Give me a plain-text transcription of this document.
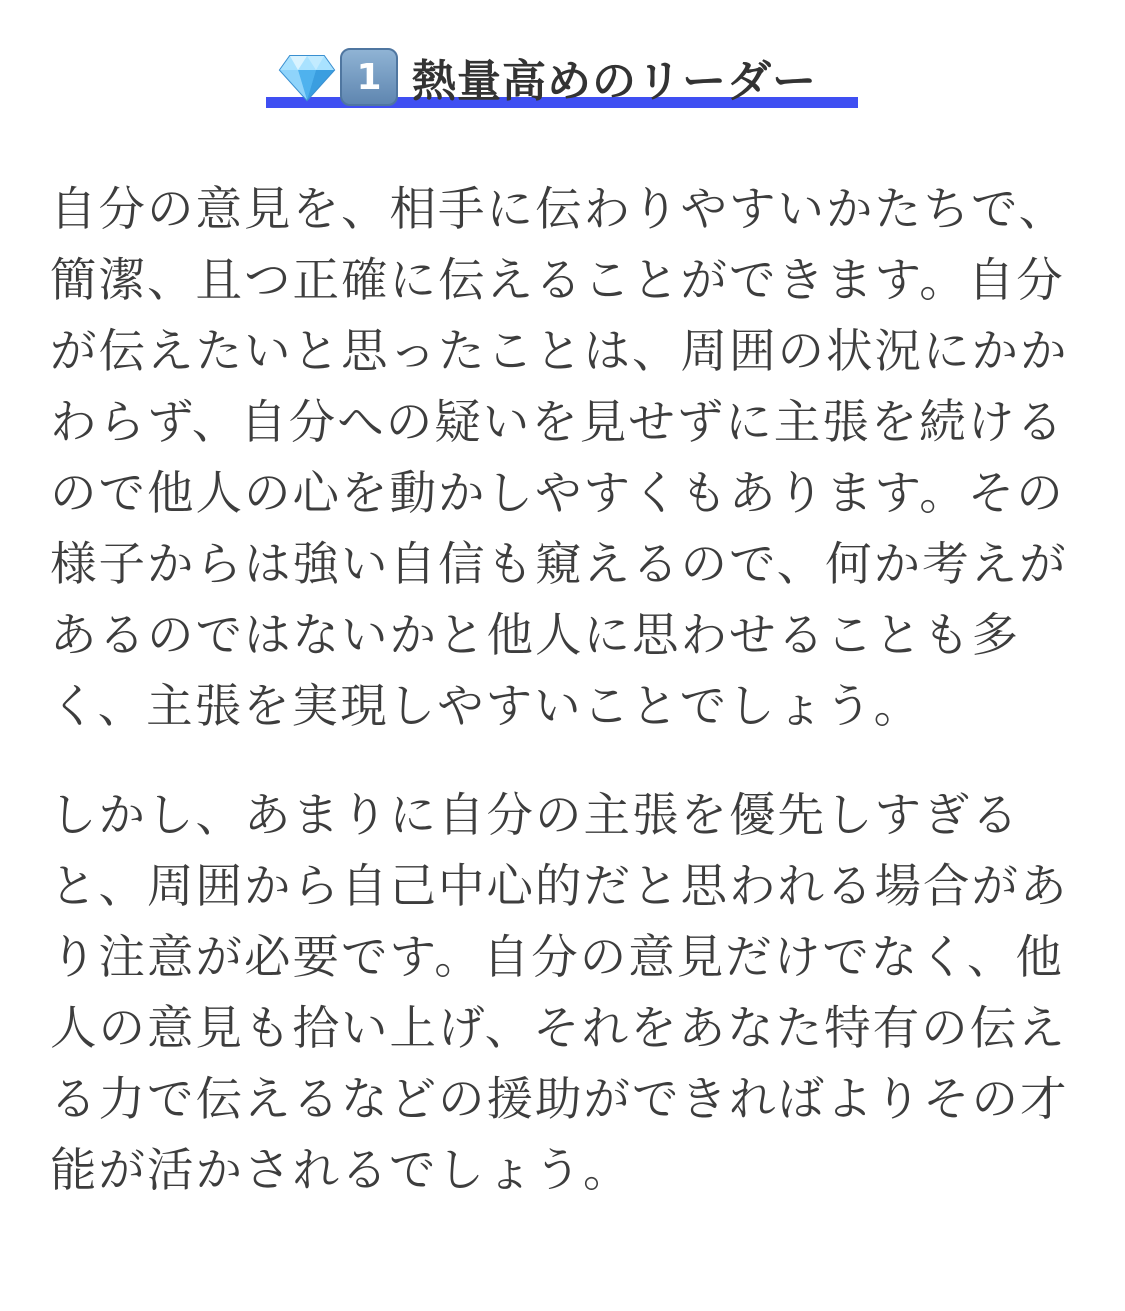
1 熱量高めのリーダー

自分の意見を、相手に伝わりやすいかたちで、
簡潔、且つ正確に伝えることができます。自分
が伝えたいと思ったことは、周囲の状況にかか
わらず、自分への疑いを見せずに主張を続ける
ので他人の心を動かしやすくもあります。その
様子からは強い自信も窺えるので、何か考えが
あるのではないかと他人に思わせることも多
く、主張を実現しやすいことでしょう。

しかし、あまりに自分の主張を優先しすぎる
と、周囲から自己中心的だと思われる場合があ
り注意が必要です。自分の意見だけでなく、他
人の意見も拾い上げ、それをあなた特有の伝え
る力で伝えるなどの援助ができればよりその才
能が活かされるでしょう。
